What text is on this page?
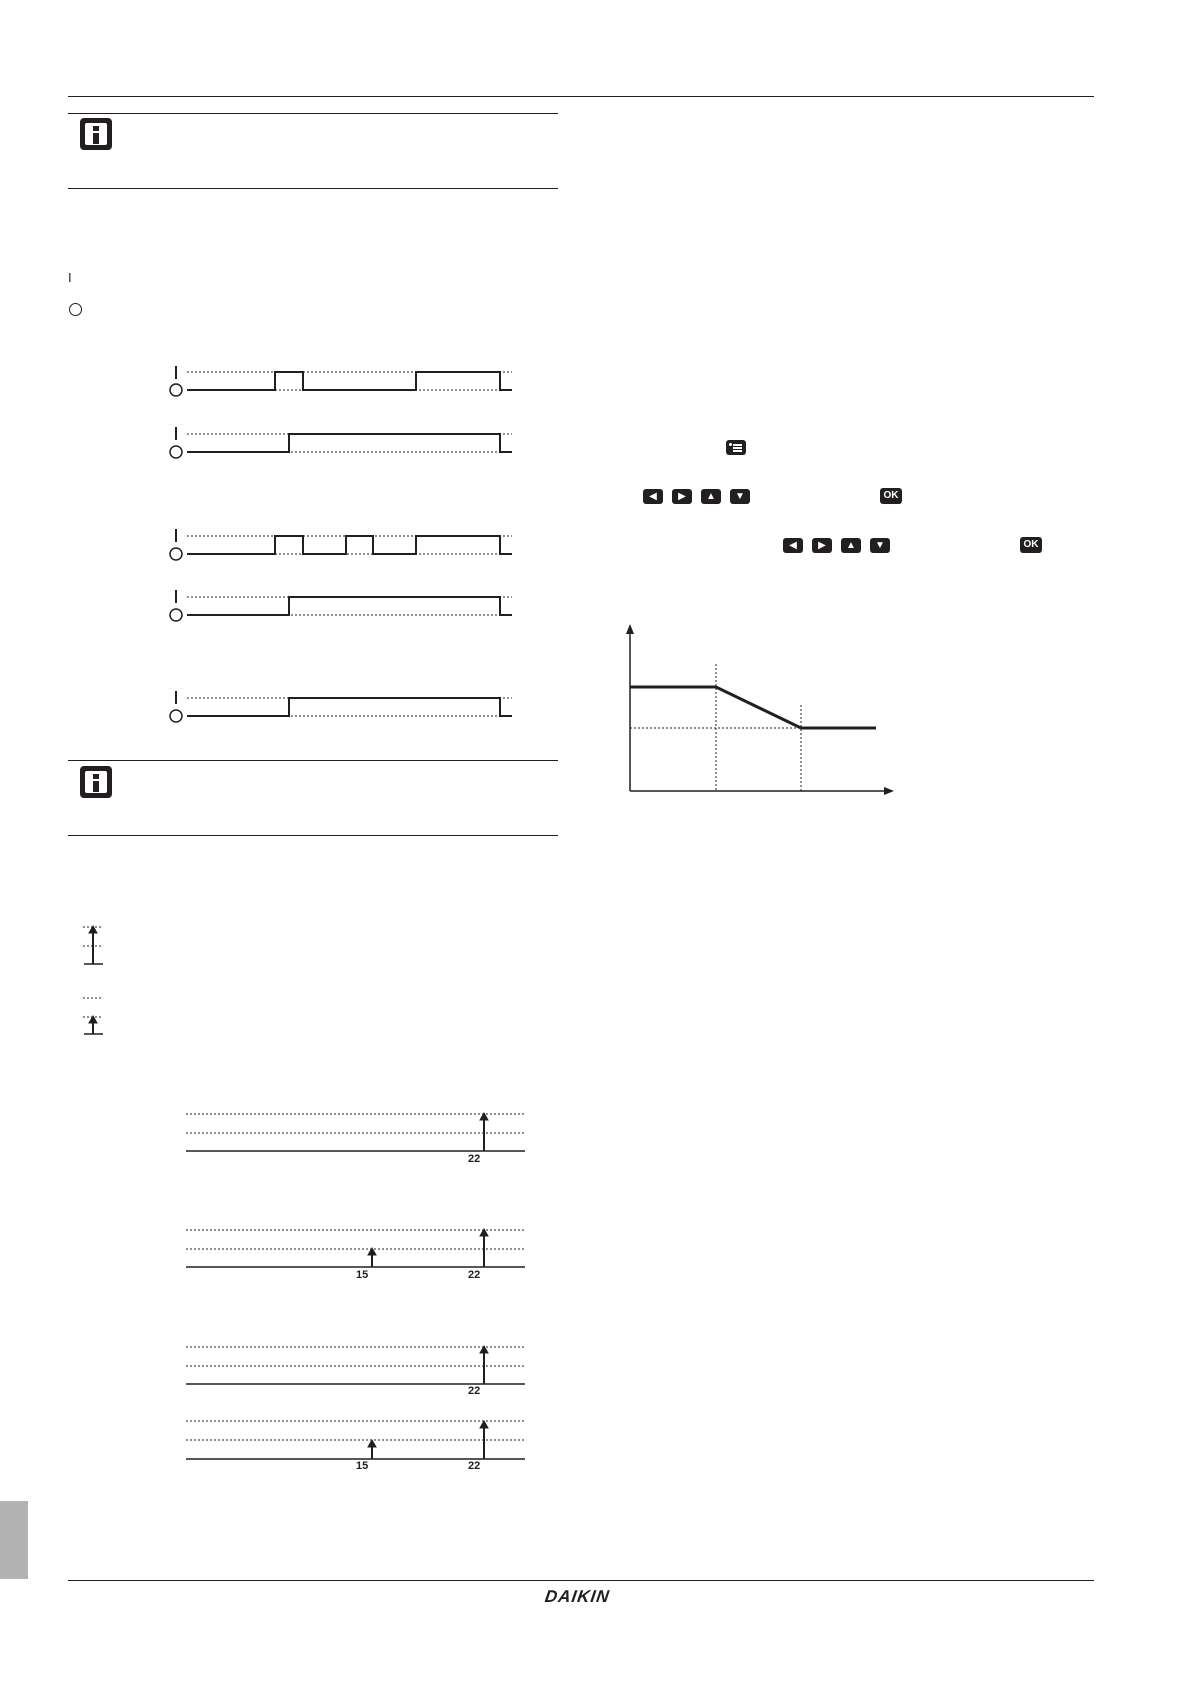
I
22
15	22
22
15	22
◀	▶	▲	▼	OK
◀	▶	▲	▼	OK
DAIKIN
